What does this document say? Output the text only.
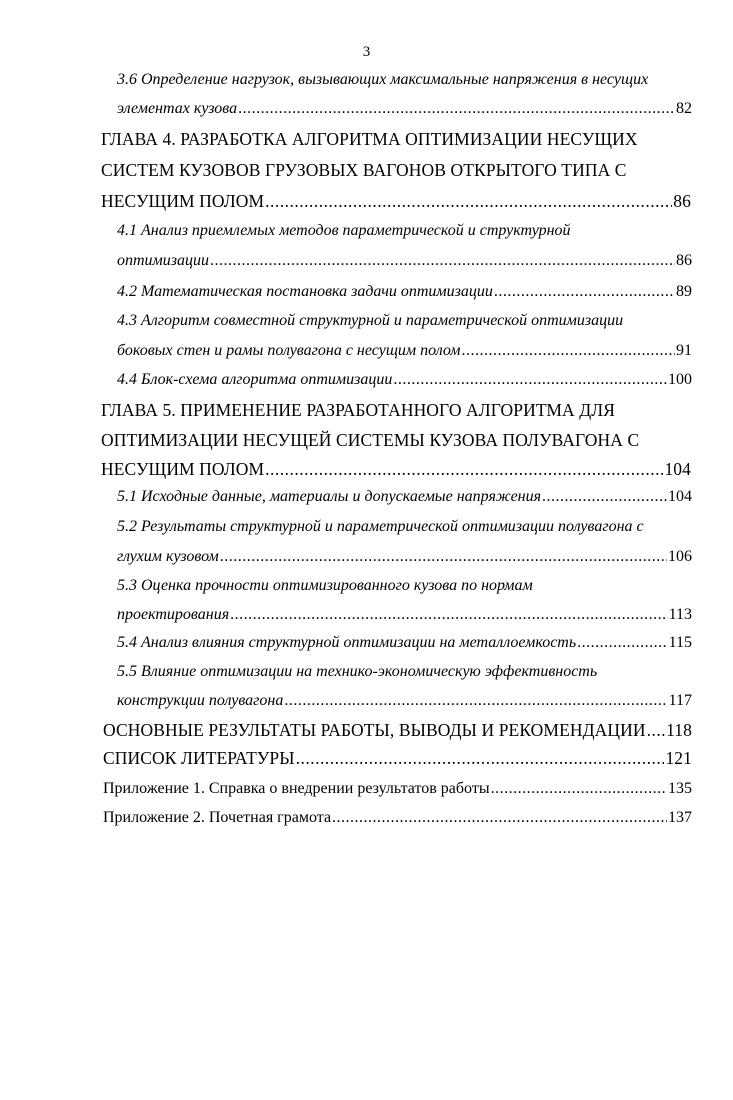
3
3.6 Определение нагрузок, вызывающих максимальные напряжения в несущих
элементах кузова .....	82
ГЛАВА 4. РАЗРАБОТКА АЛГОРИТМА ОПТИМИЗАЦИИ НЕСУЩИХ
СИСТЕМ КУЗОВОВ ГРУЗОВЫХ ВАГОНОВ ОТКРЫТОГО ТИПА С
НЕСУЩИМ ПОЛОМ .....	86
4.1 Анализ приемлемых методов параметрической и структурной
оптимизации .....	86
4.2 Математическая постановка задачи оптимизации .....	89
4.3 Алгоритм совместной структурной и параметрической оптимизации
боковых стен и рамы полувагона с несущим полом .....	91
4.4 Блок-схема алгоритма оптимизации .....	100
ГЛАВА 5. ПРИМЕНЕНИЕ РАЗРАБОТАННОГО АЛГОРИТМА ДЛЯ
ОПТИМИЗАЦИИ НЕСУЩЕЙ СИСТЕМЫ КУЗОВА ПОЛУВАГОНА С
НЕСУЩИМ ПОЛОМ .....	104
5.1 Исходные данные, материалы и допускаемые напряжения .....	104
5.2 Результаты структурной и параметрической оптимизации полувагона с
глухим кузовом .....	106
5.3 Оценка прочности оптимизированного кузова по нормам
проектирования .....	113
5.4 Анализ влияния структурной оптимизации на металлоемкость .....	115
5.5 Влияние оптимизации на технико-экономическую эффективность
конструкции полувагона .....	117
ОСНОВНЫЕ РЕЗУЛЬТАТЫ РАБОТЫ, ВЫВОДЫ И РЕКОМЕНДАЦИИ ..... 118
СПИСОК ЛИТЕРАТУРЫ .....	121
Приложение 1. Справка о внедрении результатов работы .....	135
Приложение 2. Почетная грамота .....	137
